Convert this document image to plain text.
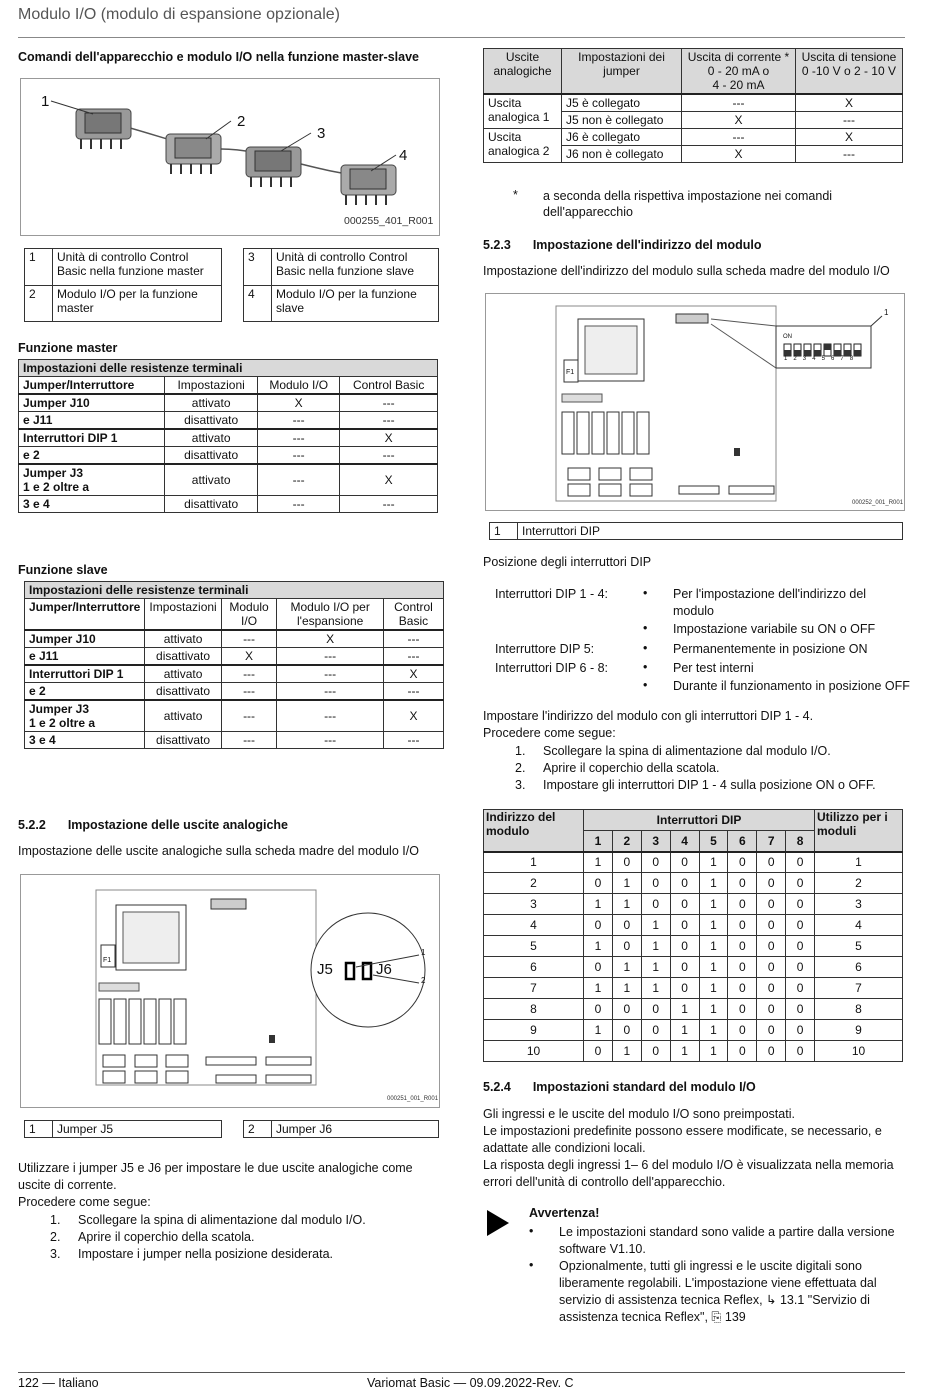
Modulo I/O (modulo di espansione opzionale)
Comandi dell'apparecchio e modulo I/O nella funzione master-slave
1
2
3
4
000255_401_R001
1	Unità di controllo Control Basic nella funzione master
2	Modulo I/O per la funzione master
3	Unità di controllo Control Basic nella funzione slave
4	Modulo I/O per la funzione slave
Funzione master
Impostazioni delle resistenze terminali			
Jumper/Interruttore	Impostazioni	Modulo I/O	Control Basic
Jumper J10	attivato	X	---
e J11	disattivato	---	---
Interruttori DIP 1	attivato	---	X
e 2	disattivato	---	---
Jumper J3
1 e 2 oltre a	attivato	---	X
3 e 4	disattivato	---	---
Funzione slave
Impostazioni delle resistenze terminali				
Jumper/Interruttore	Impostazioni	Modulo I/O	Modulo I/O per l'espansione	Control Basic
Jumper J10	attivato	---	X	---
e J11	disattivato	X	---	---
Interruttori DIP 1	attivato	---	---	X
e 2	disattivato	---	---	---
Jumper J3
1 e 2 oltre a	attivato	---	---	X
3 e 4	disattivato	---	---	---
5.2.2 Impostazione delle uscite analogiche
Impostazione delle uscite analogiche sulla scheda madre del modulo I/O
J5	J6
F1
1
2
000251_001_R001
1	Jumper J5	2	Jumper J6

Utilizzare i jumper J5 e J6 per impostare le due uscite analogiche come uscite di corrente.

Procedere come segue:

1. Scollegare la spina di alimentazione dal modulo I/O.
2. Aprire il coperchio della scatola.
3. Impostare i jumper nella posizione desiderata.
Uscite analogiche	Impostazioni dei jumper	Uscita di corrente *
0 - 20 mA o
4 - 20 mA	Uscita di tensione
0 -10 V o 2 - 10 V
Uscita analogica 1	J5 è collegato	---	X
	J5 non è collegato	X	---
Uscita analogica 2	J6 è collegato	---	X
	J6 non è collegato	X	---
* a seconda della rispettiva impostazione nei comandi dell'apparecchio
5.2.3 Impostazione dell'indirizzo del modulo
Impostazione dell'indirizzo del modulo sulla scheda madre del modulo I/O
F1
1
ON
1 2 3 4 5 6 7 8
000252_001_R001
1	Interruttori DIP
Posizione degli interruttori DIP
Interruttori DIP 1 - 4:	• Per l'impostazione dell'indirizzo del modulo
• Impostazione variabile su ON o OFF
Interruttore DIP 5:	• Permanentemente in posizione ON
Interruttori DIP 6 - 8:	• Per test interni
• Durante il funzionamento in posizione OFF

Impostare l'indirizzo del modulo con gli interruttori DIP 1 - 4.

Procedere come segue:

1. Scollegare la spina di alimentazione dal modulo I/O.
2. Aprire il coperchio della scatola.
3. Impostare gli interruttori DIP 1 - 4 sulla posizione ON o OFF.
Indirizzo del modulo	Interruttori DIP								Utilizzo per i moduli
	1	2	3	4	5	6	7	8	
1	1	0	0	0	1	0	0	0	1
2	0	1	0	0	1	0	0	0	2
3	1	1	0	0	1	0	0	0	3
4	0	0	1	0	1	0	0	0	4
5	1	0	1	0	1	0	0	0	5
6	0	1	1	0	1	0	0	0	6
7	1	1	1	0	1	0	0	0	7
8	0	0	0	1	1	0	0	0	8
9	1	0	0	1	1	0	0	0	9
10	0	1	0	1	1	0	0	0	10
5.2.4 Impostazioni standard del modulo I/O

Gli ingressi e le uscite del modulo I/O sono preimpostati.

Le impostazioni predefinite possono essere modificate, se necessario, e adattate alle condizioni locali.

La risposta degli ingressi 1– 6 del modulo I/O è visualizzata nella memoria errori dell'unità di controllo dell'apparecchio.

Avvertenza!
• Le impostazioni standard sono valide a partire dalla versione software V1.10.
• Opzionalmente, tutti gli ingressi e le uscite digitali sono liberamente regolabili. L'impostazione viene effettuata dal servizio di assistenza tecnica Reflex, ↳ 13.1 "Servizio di assistenza tecnica Reflex", ⎘ 139
122 — Italiano	Variomat Basic — 09.09.2022-Rev. C
